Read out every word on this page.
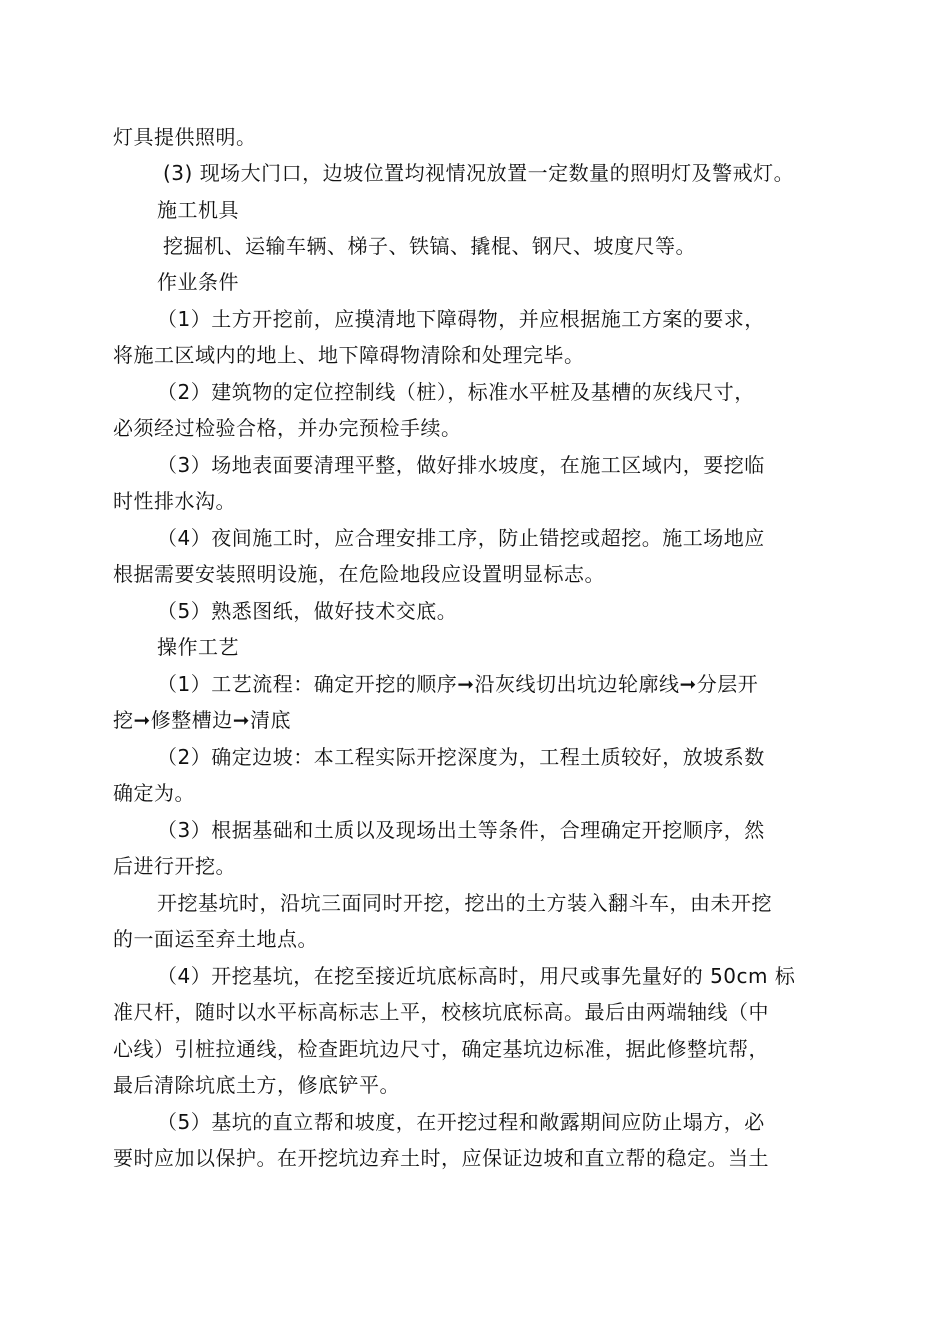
灯具提供照明。
(3) 现场大门口，边坡位置均视情况放置一定数量的照明灯及警戒灯。
施工机具
挖掘机、运输车辆、梯子、铁镐、撬棍、钢尺、坡度尺等。
作业条件
（1）土方开挖前，应摸清地下障碍物，并应根据施工方案的要求，
将施工区域内的地上、地下障碍物清除和处理完毕。
（2）建筑物的定位控制线（桩），标准水平桩及基槽的灰线尺寸，
必须经过检验合格，并办完预检手续。
（3）场地表面要清理平整，做好排水坡度，在施工区域内，要挖临
时性排水沟。
（4）夜间施工时，应合理安排工序，防止错挖或超挖。施工场地应
根据需要安装照明设施，在危险地段应设置明显标志。
（5）熟悉图纸，做好技术交底。
操作工艺
（1）工艺流程：确定开挖的顺序➞沿灰线切出坑边轮廓线➞分层开
挖➞修整槽边➞清底
（2）确定边坡：本工程实际开挖深度为，工程土质较好，放坡系数
确定为。
（3）根据基础和土质以及现场出土等条件，合理确定开挖顺序，然
后进行开挖。
开挖基坑时，沿坑三面同时开挖，挖出的土方装入翻斗车，由未开挖
的一面运至弃土地点。
（4）开挖基坑，在挖至接近坑底标高时，用尺或事先量好的 50cm 标
准尺杆，随时以水平标高标志上平，校核坑底标高。最后由两端轴线（中
心线）引桩拉通线，检查距坑边尺寸，确定基坑边标准，据此修整坑帮，
最后清除坑底土方，修底铲平。
（5）基坑的直立帮和坡度，在开挖过程和敞露期间应防止塌方，必
要时应加以保护。在开挖坑边弃土时，应保证边坡和直立帮的稳定。当土
